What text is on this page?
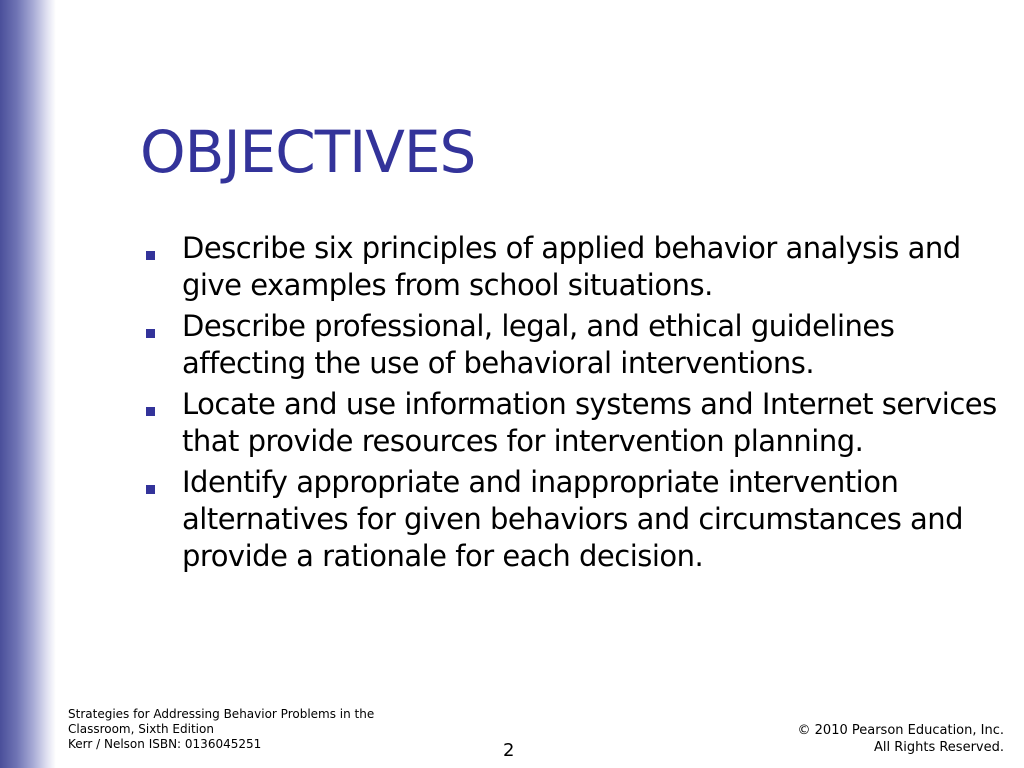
OBJECTIVES
Describe six principles of applied behavior analysis and give examples from school situations.
Describe professional, legal, and ethical guidelines affecting the use of behavioral interventions.
Locate and use information systems and Internet services that provide resources for intervention planning.
Identify appropriate and inappropriate intervention alternatives for given behaviors and circumstances and provide a rationale for each decision.
Strategies for Addressing Behavior Problems in the
Classroom, Sixth Edition
Kerr / Nelson ISBN: 0136045251	2
© 2010 Pearson Education, Inc.
All Rights Reserved.
